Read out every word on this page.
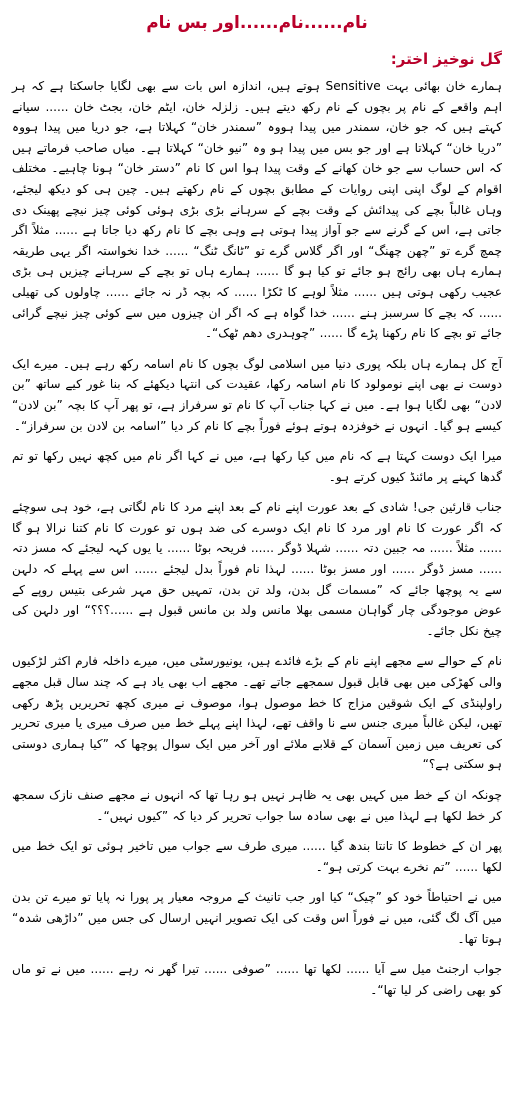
نام......نام......اور بس نام
گل نوخیز اختر:

ہمارے خان بھائی بہت Sensitive ہوتے ہیں، اندازہ اس بات سے بھی لگایا جاسکتا ہے کہ ہر اہم واقعے کے نام پر بچوں کے نام رکھ دیتے ہیں۔ زلزلہ خان، ایٹم خان، بجٹ خان ...... سیانے کہتے ہیں کہ جو خان، سمندر میں پیدا ہووہ ”سمندر خان“ کہلاتا ہے، جو دریا میں پیدا ہووہ ”دریا خان“ کہلاتا ہے اور جو بس میں پیدا ہو وہ ”نیو خان“ کہلاتا ہے۔ میاں صاحب فرماتے ہیں کہ اس حساب سے جو خان کھانے کے وقت پیدا ہوا اس کا نام ”دستر خان“ ہونا چاہیے۔ مختلف اقوام کے لوگ اپنی اپنی روایات کے مطابق بچوں کے نام رکھتے ہیں۔ چین ہی کو دیکھ لیجئے، وہاں غالباً بچے کی پیدائش کے وقت بچے کے سرہانے بڑی بڑی ہوئی کوئی چیز نیچے پھینک دی جاتی ہے، اس کے گرنے سے جو آواز پیدا ہوتی ہے وہی بچے کا نام رکھ دیا جاتا ہے ...... مثلاً اگر چمچ گرے تو ”چھن چھنگ“ اور اگر گلاس گرے تو ”ٹانگ ٹنگ“ ...... خدا نخواستہ اگر یہی طریقہ ہمارے ہاں بھی رائج ہو جائے تو کیا ہو گا ...... ہمارے ہاں تو بچے کے سرہانے چیزیں ہی بڑی عجیب رکھی ہوتی ہیں ...... مثلاً لوہے کا ٹکڑا ...... کہ بچہ ڈر نہ جائے ...... چاولوں کی تھیلی ...... کہ بچے کا سرسبز ہنے ...... خدا گواہ ہے کہ اگر ان چیزوں میں سے کوئی چیز نیچے گرائی جائے تو بچے کا نام رکھنا پڑے گا ...... ”چوہدری دھم ٹھک“۔

آج کل ہمارے ہاں بلکہ پوری دنیا میں اسلامی لوگ بچوں کا نام اسامہ رکھ رہے ہیں۔ میرے ایک دوست نے بھی اپنے نومولود کا نام اسامہ رکھا، عقیدت کی انتہا دیکھئے کہ بنا غور کیے ساتھ ”بن لادن“ بھی لگایا ہوا ہے۔ میں نے کہا جناب آپ کا نام تو سرفراز ہے، تو پھر آپ کا بچہ ”بن لادن“ کیسے ہو گیا۔ انہوں نے خوفزدہ ہوتے ہوئے فوراً بچے کا نام کر دیا ”اسامہ بن لادن بن سرفراز“۔

میرا ایک دوست کہتا ہے کہ نام میں کیا رکھا ہے، میں نے کہا اگر نام میں کچھ نہیں رکھا تو تم گدھا کہنے پر مائنڈ کیوں کرتے ہو۔

جناب قارئین جی! شادی کے بعد عورت اپنے نام کے بعد اپنے مرد کا نام لگاتی ہے، خود ہی سوچئے کہ اگر عورت کا نام اور مرد کا نام ایک دوسرے کی ضد ہوں تو عورت کا نام کتنا نرالا ہو گا ...... مثلاً ...... مہ جبین دتہ ...... شہلا ڈوگر ...... فریحہ بوٹا ...... یا یوں کہہ لیجئے کہ مسز دتہ ...... مسز ڈوگر ...... اور مسز بوٹا ...... لہذا نام فوراً بدل لیجئے ...... اس سے پہلے کہ دلہن سے یہ پوچھا جائے کہ ”مسمات گل بدن، ولد تن بدن، تمہیں حق مہر شرعی بتیس روپے کے عوض موجودگی چار گواہان مسمی بھلا مانس ولد بن مانس قبول ہے ......؟؟؟“ اور دلہن کی چیخ نکل جائے۔

نام کے حوالے سے مجھے اپنے نام کے بڑے فائدے ہیں، یونیورسٹی میں، میرے داخلہ فارم اکثر لڑکیوں والی کھڑکی میں بھی قابل قبول سمجھے جاتے تھے۔ مجھے اب بھی یاد ہے کہ چند سال قبل مجھے راولپنڈی کے ایک شوقین مزاج کا خط موصول ہوا، موصوف نے میری کچھ تحریریں پڑھ رکھی تھیں، لیکن غالباً میری جنس سے نا واقف تھے، لہذا اپنے پہلے خط میں صرف میری یا میری تحریر کی تعریف میں زمین آسمان کے قلابے ملائے اور آخر میں ایک سوال پوچھا کہ ”کیا ہماری دوستی ہو سکتی ہے؟“

چونکہ ان کے خط میں کہیں بھی یہ ظاہر نہیں ہو رہا تھا کہ انہوں نے مجھے صنف نازک سمجھ کر خط لکھا ہے لہذا میں نے بھی سادہ سا جواب تحریر کر دیا کہ ”کیوں نہیں“۔

پھر ان کے خطوط کا تانتا بندھ گیا ...... میری طرف سے جواب میں تاخیر ہوئی تو ایک خط میں لکھا ...... ”تم نخرے بہت کرتی ہو“۔

میں نے احتیاطاً خود کو ”چیک“ کیا اور جب تانیث کے مروجہ معیار پر پورا نہ پایا تو میرے تن بدن میں آگ لگ گئی، میں نے فوراً اس وقت کی ایک تصویر انہیں ارسال کی جس میں ”داڑھی شدہ“ ہوتا تھا۔

جواب ارجنٹ میل سے آیا ...... لکھا تھا ...... ”صوفی ...... تیرا گھر نہ رہے ...... میں نے تو ماں کو بھی راضی کر لیا تھا“۔
